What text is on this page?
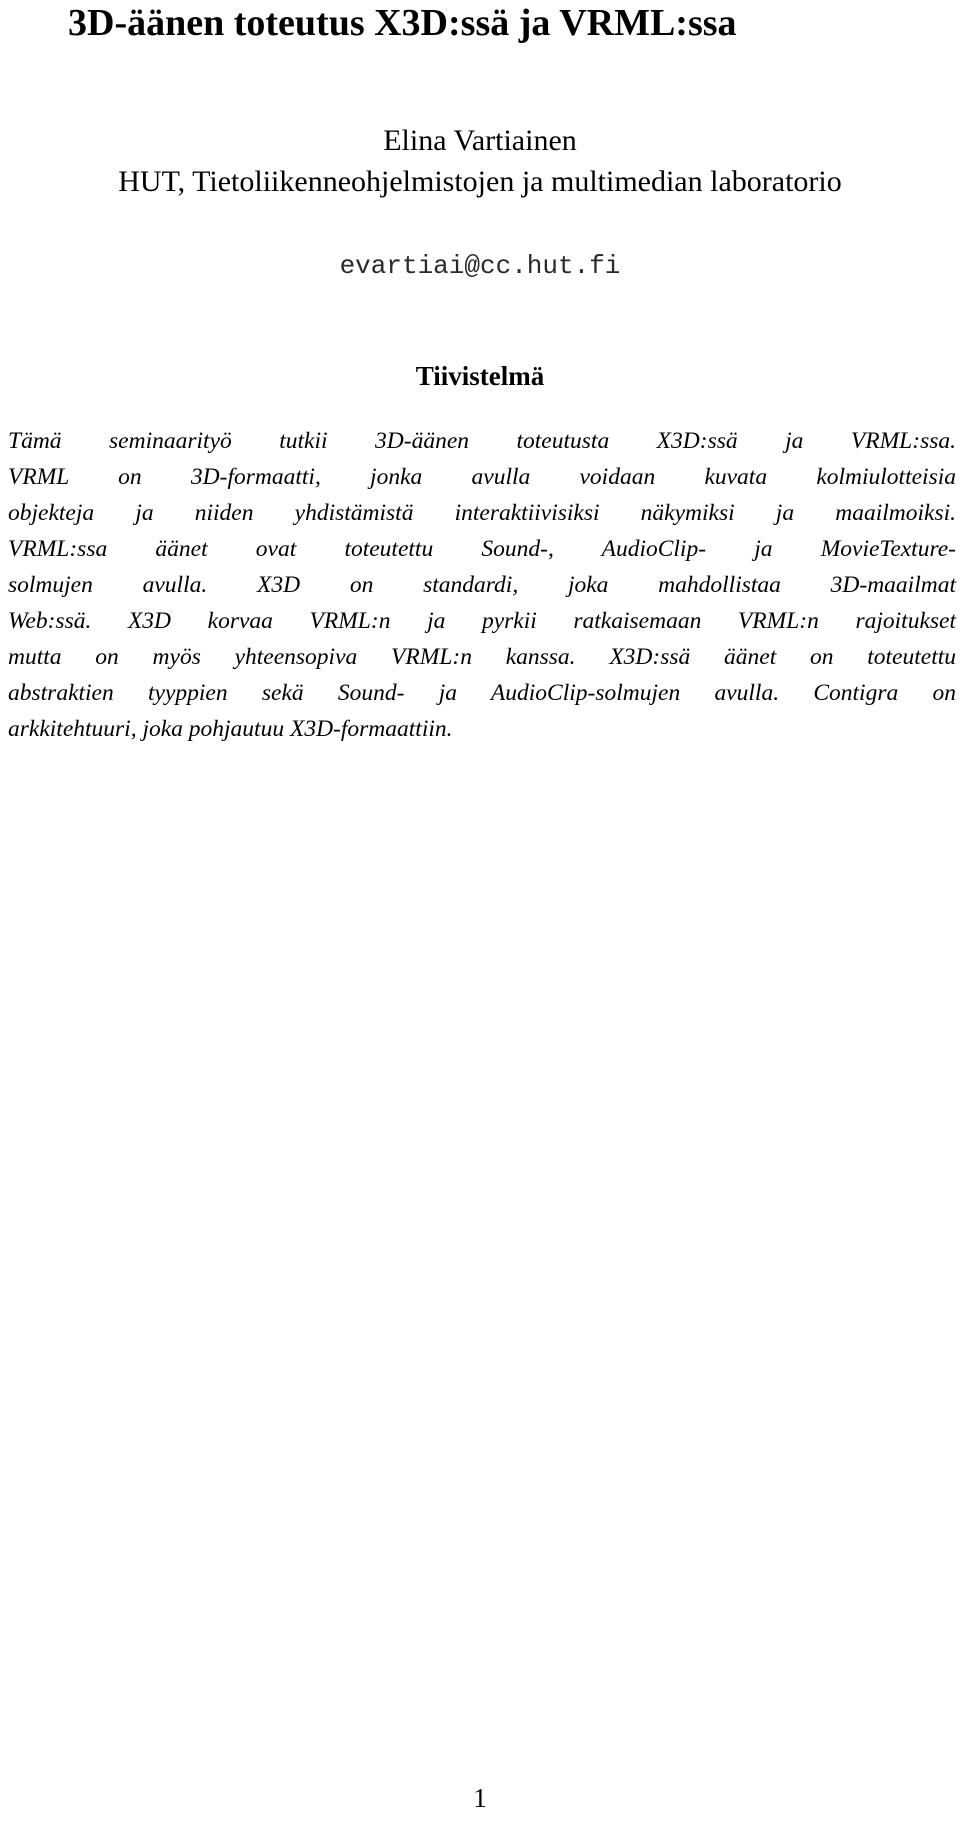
3D-äänen toteutus X3D:ssä ja VRML:ssa
Elina Vartiainen
HUT, Tietoliikenneohjelmistojen ja multimedian laboratorio
evartiai@cc.hut.fi
Tiivistelmä
Tämä seminaarityö tutkii 3D-äänen toteutusta X3D:ssä ja VRML:ssa.
VRML on 3D-formaatti, jonka avulla voidaan kuvata kolmiulotteisia
objekteja ja niiden yhdistämistä interaktiivisiksi näkymiksi ja maailmoiksi.
VRML:ssa äänet ovat toteutettu Sound-, AudioClip- ja MovieTexture-
solmujen avulla. X3D on standardi, joka mahdollistaa 3D-maailmat
Web:ssä. X3D korvaa VRML:n ja pyrkii ratkaisemaan VRML:n rajoitukset
mutta on myös yhteensopiva VRML:n kanssa. X3D:ssä äänet on toteutettu
abstraktien tyyppien sekä Sound- ja AudioClip-solmujen avulla. Contigra on
arkkitehtuuri, joka pohjautuu X3D-formaattiin.
1
